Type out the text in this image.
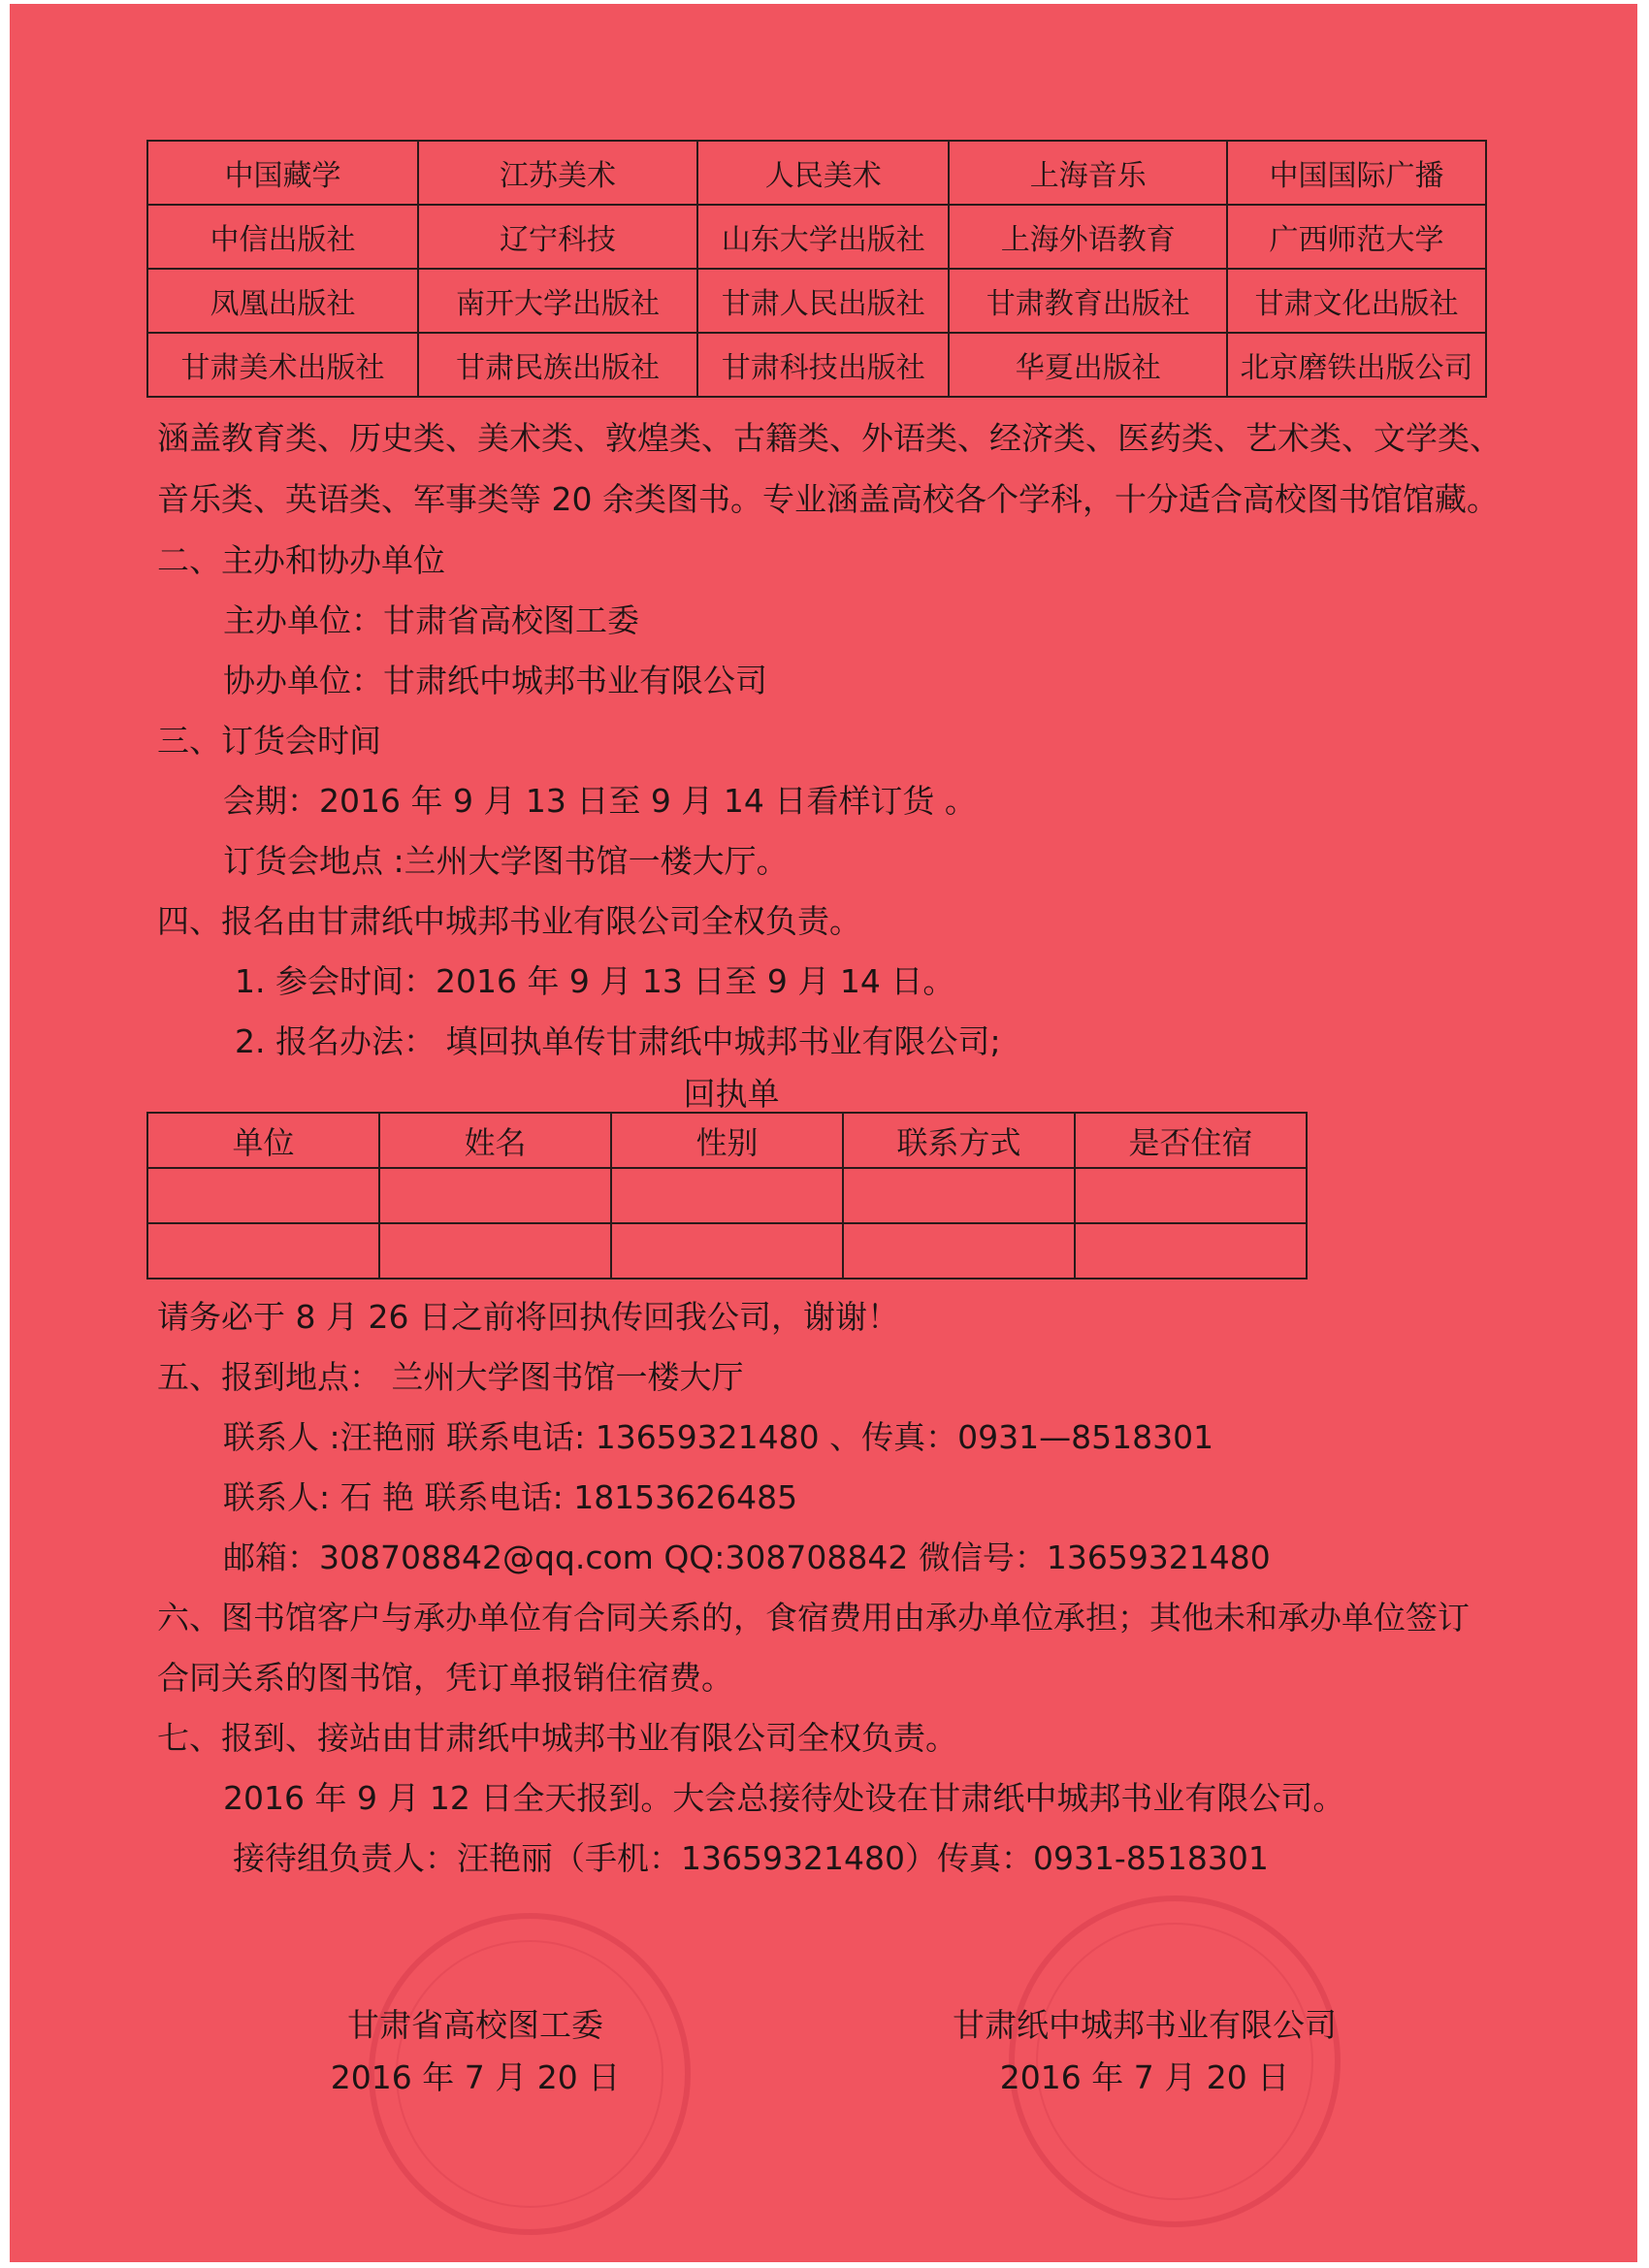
中国藏学	江苏美术	人民美术	上海音乐	中国国际广播
中信出版社	辽宁科技	山东大学出版社	上海外语教育	广西师范大学
凤凰出版社	南开大学出版社	甘肃人民出版社	甘肃教育出版社	甘肃文化出版社
甘肃美术出版社	甘肃民族出版社	甘肃科技出版社	华夏出版社	北京磨铁出版公司
涵盖教育类、历史类、美术类、敦煌类、古籍类、外语类、经济类、医药类、艺术类、文学类、
音乐类、英语类、军事类等 20 余类图书。专业涵盖高校各个学科，十分适合高校图书馆馆藏。
二、主办和协办单位
主办单位：甘肃省高校图工委
协办单位：甘肃纸中城邦书业有限公司
三、订货会时间
会期：2016 年 9 月 13 日至 9 月 14 日看样订货 。
订货会地点 :兰州大学图书馆一楼大厅。
四、报名由甘肃纸中城邦书业有限公司全权负责。
1. 参会时间：2016 年 9 月 13 日至 9 月 14 日。
2. 报名办法： 填回执单传甘肃纸中城邦书业有限公司;
回执单
单位	姓名	性别	联系方式	是否住宿

请务必于 8 月 26 日之前将回执传回我公司，谢谢！
五、报到地点： 兰州大学图书馆一楼大厅
联系人 :汪艳丽 联系电话: 13659321480 、传真：0931—8518301
联系人: 石 艳 联系电话: 18153626485
邮箱：308708842@qq.com QQ:308708842 微信号：13659321480
六、图书馆客户与承办单位有合同关系的，食宿费用由承办单位承担；其他未和承办单位签订
合同关系的图书馆，凭订单报销住宿费。
七、报到、接站由甘肃纸中城邦书业有限公司全权负责。
2016 年 9 月 12 日全天报到。大会总接待处设在甘肃纸中城邦书业有限公司。
接待组负责人：汪艳丽（手机：13659321480）传真：0931-8518301
甘肃省高校图工委
2016 年 7 月 20 日
甘肃纸中城邦书业有限公司
2016 年 7 月 20 日
